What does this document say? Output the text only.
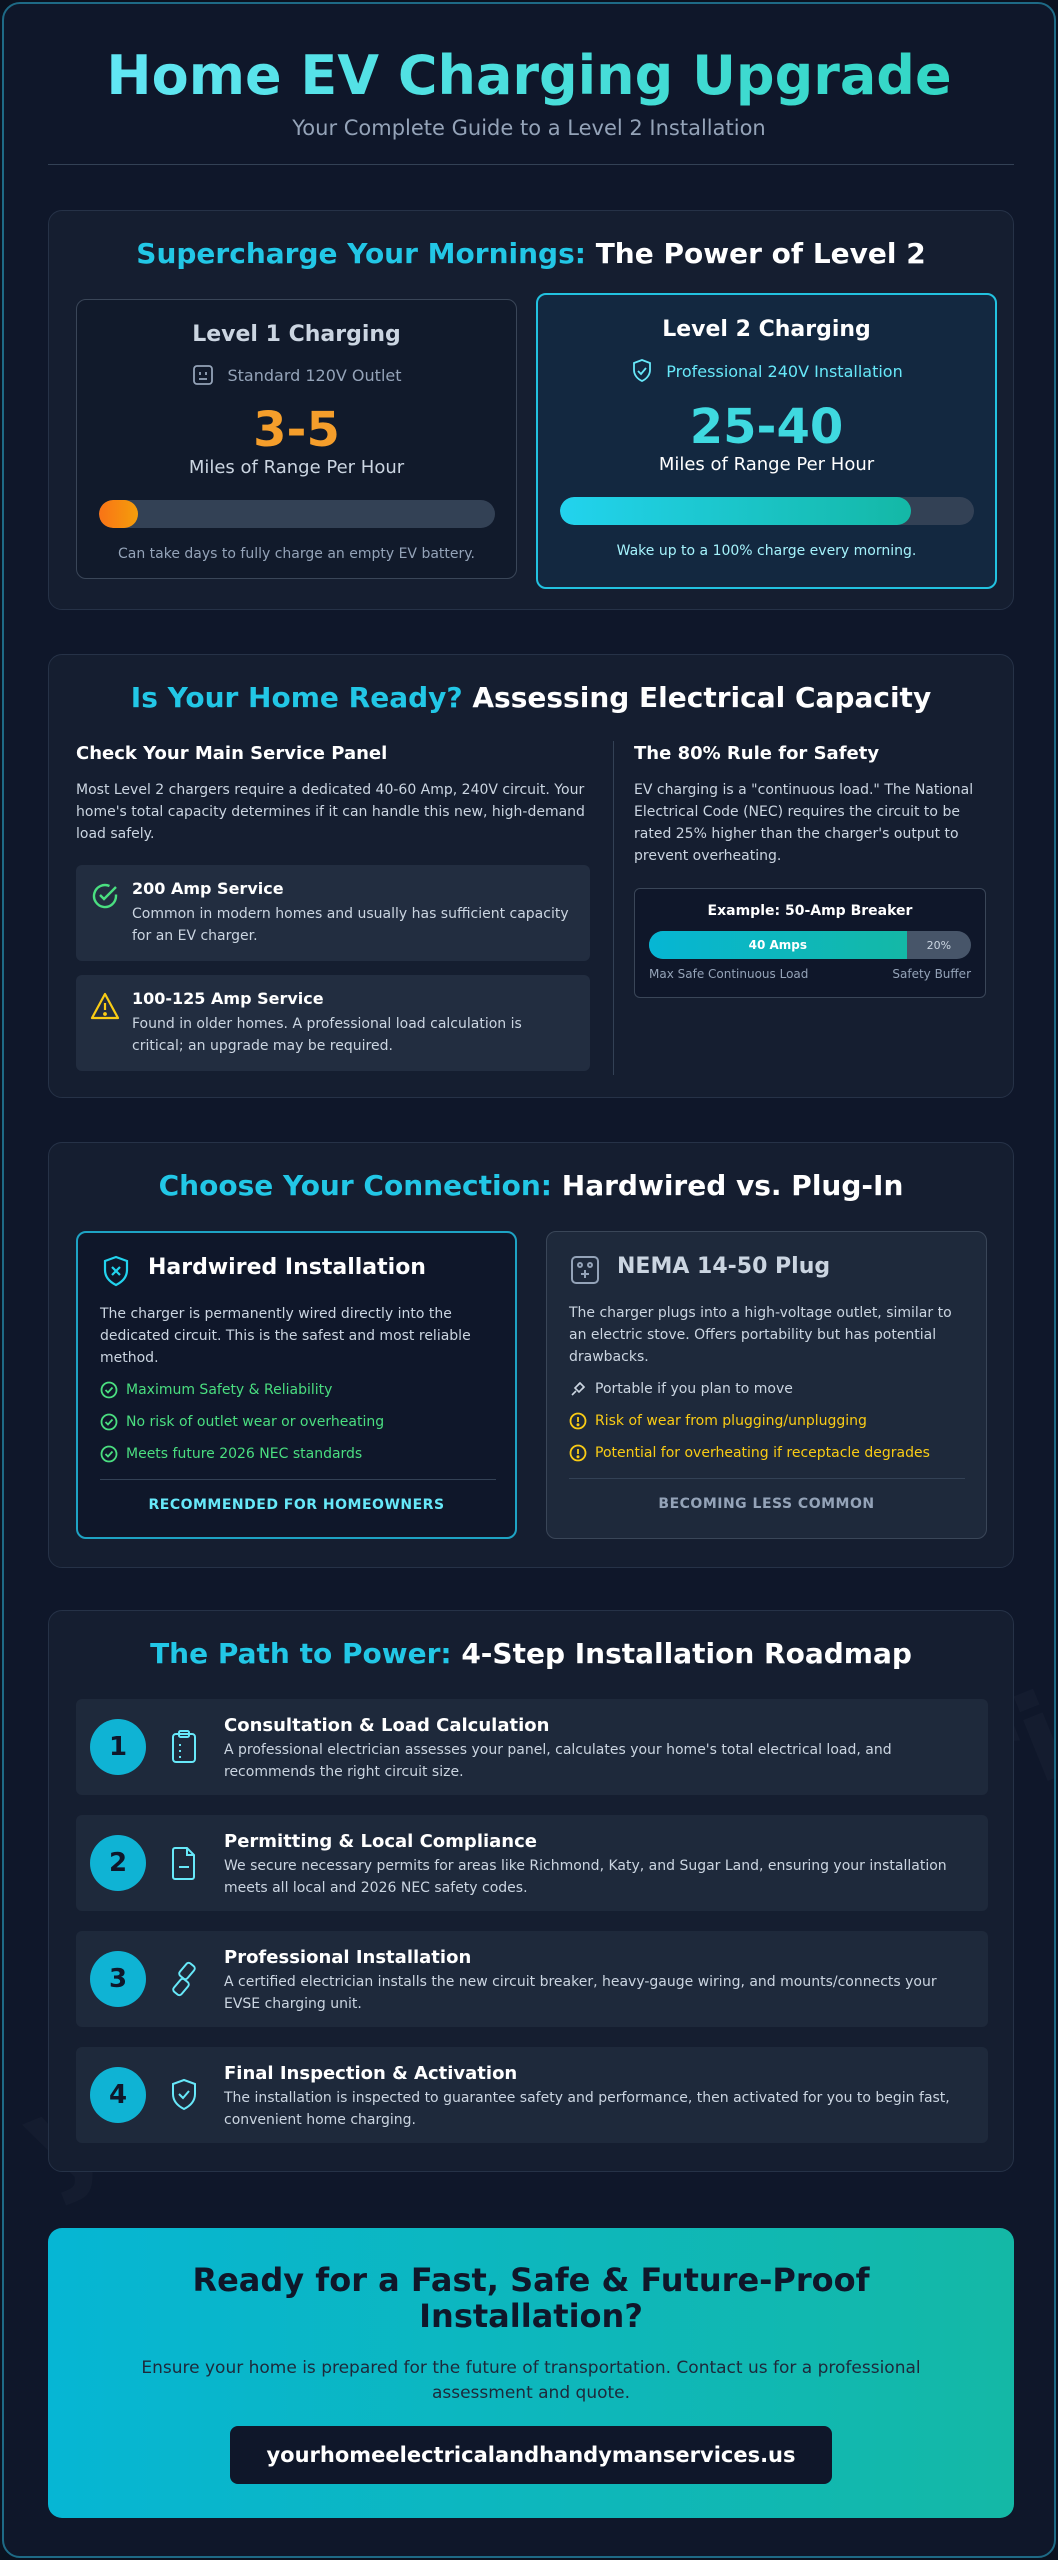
Home EV Charging Upgrade
Your Complete Guide to a Level 2 Installation
Supercharge Your Mornings: The Power of Level 2
Level 1 Charging
Standard 120V Outlet
3-5
Miles of Range Per Hour
Can take days to fully charge an empty EV battery.
Level 2 Charging
Professional 240V Installation
25-40
Miles of Range Per Hour
Wake up to a 100% charge every morning.
Is Your Home Ready? Assessing Electrical Capacity
Check Your Main Service Panel
Most Level 2 chargers require a dedicated 40-60 Amp, 240V circuit. Your home's total capacity determines if it can handle this new, high-demand load safely.
200 Amp Service
Common in modern homes and usually has sufficient capacity for an EV charger.
100-125 Amp Service
Found in older homes. A professional load calculation is critical; an upgrade may be required.
The 80% Rule for Safety
EV charging is a "continuous load." The National Electrical Code (NEC) requires the circuit to be rated 25% higher than the charger's output to prevent overheating.
Example: 50-Amp Breaker
40 Amps	20%
Max Safe Continuous Load	Safety Buffer
Choose Your Connection: Hardwired vs. Plug-In
Hardwired Installation
The charger is permanently wired directly into the dedicated circuit. This is the safest and most reliable method.
Maximum Safety & Reliability
No risk of outlet wear or overheating
Meets future 2026 NEC standards
RECOMMENDED FOR HOMEOWNERS
NEMA 14-50 Plug
The charger plugs into a high-voltage outlet, similar to an electric stove. Offers portability but has potential drawbacks.
Portable if you plan to move
Risk of wear from plugging/unplugging
Potential for overheating if receptacle degrades
BECOMING LESS COMMON
The Path to Power: 4-Step Installation Roadmap
1
Consultation & Load Calculation
A professional electrician assesses your panel, calculates your home's total electrical load, and recommends the right circuit size.
2
Permitting & Local Compliance
We secure necessary permits for areas like Richmond, Katy, and Sugar Land, ensuring your installation meets all local and 2026 NEC safety codes.
3
Professional Installation
A certified electrician installs the new circuit breaker, heavy-gauge wiring, and mounts/connects your EVSE charging unit.
4
Final Inspection & Activation
The installation is inspected to guarantee safety and performance, then activated for you to begin fast, convenient home charging.
Ready for a Fast, Safe & Future-Proof Installation?

Ensure your home is prepared for the future of transportation. Contact us for a professional assessment and quote.

yourhomeelectricalandhandymanservices.us
